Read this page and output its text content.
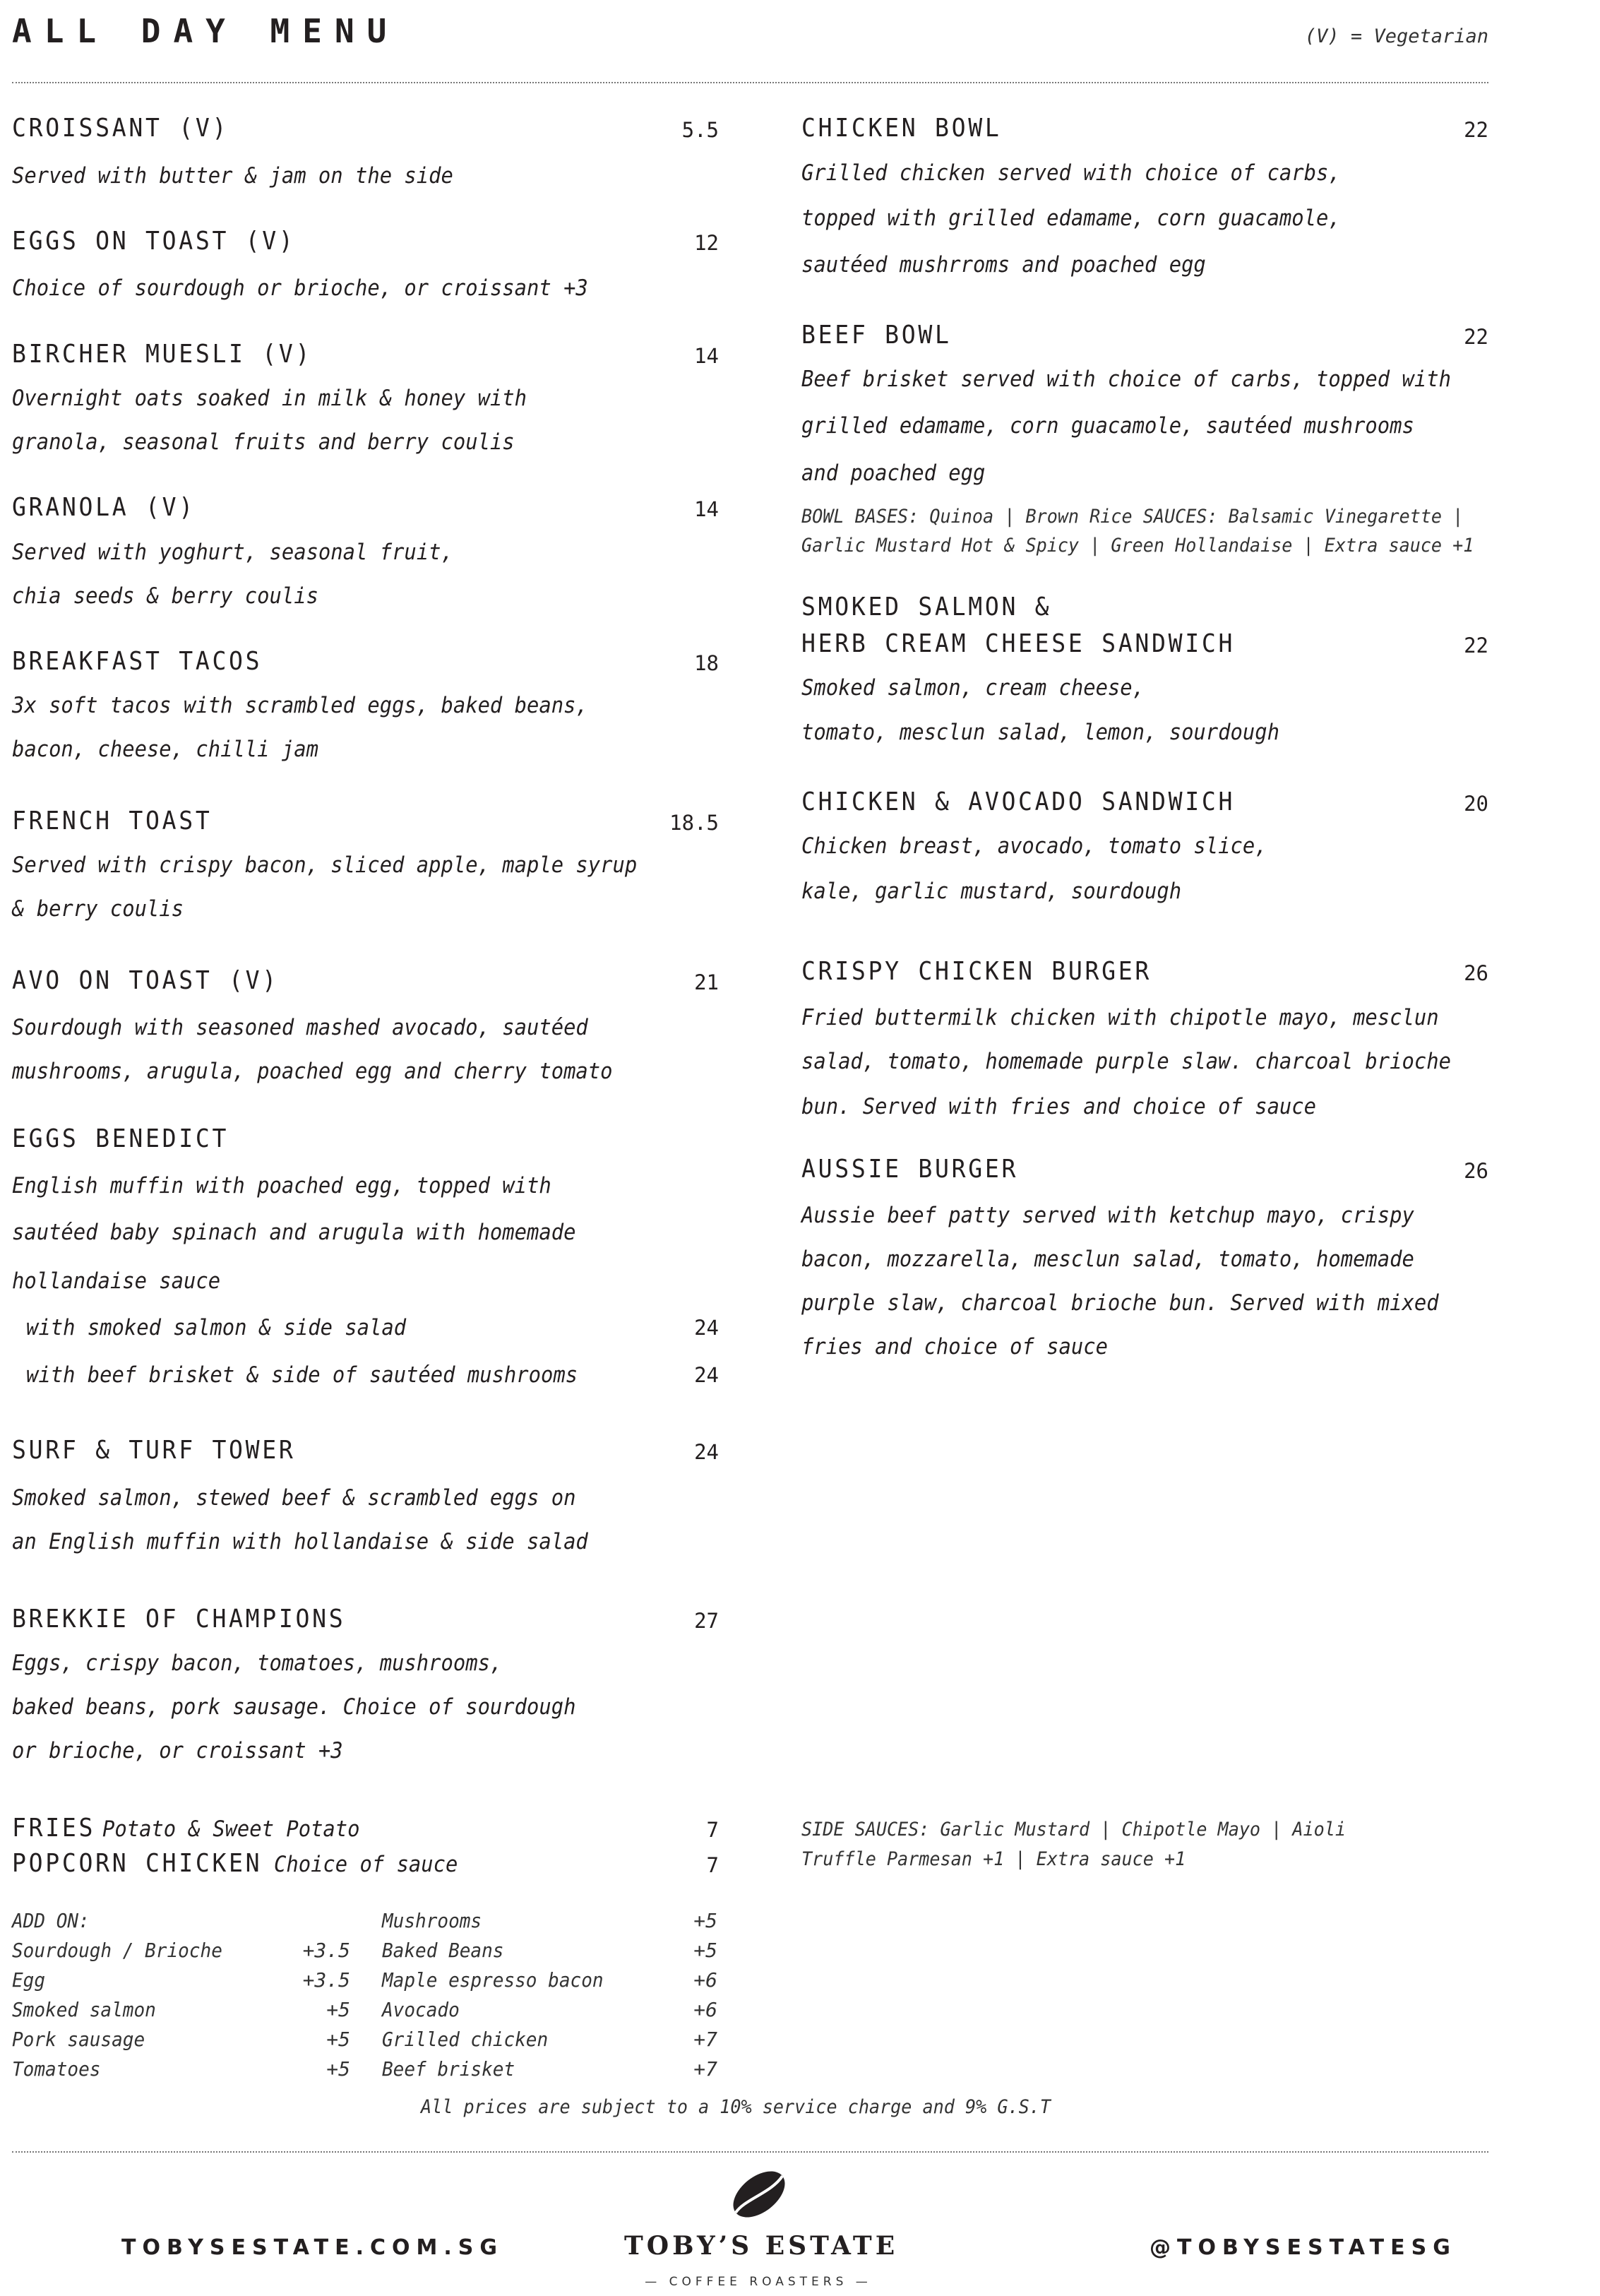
ALL DAY MENU	(V) = Vegetarian
CROISSANT (V)	5.5
Served with butter & jam on the side
EGGS ON TOAST (V)	12
Choice of sourdough or brioche, or croissant +3
BIRCHER MUESLI (V)	14
Overnight oats soaked in milk & honey with
granola, seasonal fruits and berry coulis
GRANOLA (V)	14
Served with yoghurt, seasonal fruit,
chia seeds & berry coulis
BREAKFAST TACOS	18
3x soft tacos with scrambled eggs, baked beans,
bacon, cheese, chilli jam
FRENCH TOAST	18.5
Served with crispy bacon, sliced apple, maple syrup
& berry coulis
AVO ON TOAST (V)	21
Sourdough with seasoned mashed avocado, sautéed
mushrooms, arugula, poached egg and cherry tomato
EGGS BENEDICT
English muffin with poached egg, topped with
sautéed baby spinach and arugula with homemade
hollandaise sauce
with smoked salmon & side salad	24
with beef brisket & side of sautéed mushrooms	24
SURF & TURF TOWER	24
Smoked salmon, stewed beef & scrambled eggs on
an English muffin with hollandaise & side salad
BREKKIE OF CHAMPIONS	27
Eggs, crispy bacon, tomatoes, mushrooms,
baked beans, pork sausage. Choice of sourdough
or brioche, or croissant +3
FRIES Potato & Sweet Potato	7
POPCORN CHICKEN Choice of sauce	7
ADD ON:
Sourdough / Brioche	+3.5
Egg	+3.5
Smoked salmon	+5
Pork sausage	+5
Tomatoes	+5
Mushrooms	+5
Baked Beans	+5
Maple espresso bacon	+6
Avocado	+6
Grilled chicken	+7
Beef brisket	+7
CHICKEN BOWL	22
Grilled chicken served with choice of carbs,
topped with grilled edamame, corn guacamole,
sautéed mushrroms and poached egg
BEEF BOWL	22
Beef brisket served with choice of carbs, topped with
grilled edamame, corn guacamole, sautéed mushrooms
and poached egg
BOWL BASES: Quinoa | Brown Rice SAUCES: Balsamic Vinegarette |
Garlic Mustard Hot & Spicy | Green Hollandaise | Extra sauce +1
SMOKED SALMON &
HERB CREAM CHEESE SANDWICH	22
Smoked salmon, cream cheese,
tomato, mesclun salad, lemon, sourdough
CHICKEN & AVOCADO SANDWICH	20
Chicken breast, avocado, tomato slice,
kale, garlic mustard, sourdough
CRISPY CHICKEN BURGER	26
Fried buttermilk chicken with chipotle mayo, mesclun
salad, tomato, homemade purple slaw. charcoal brioche
bun. Served with fries and choice of sauce
AUSSIE BURGER	26
Aussie beef patty served with ketchup mayo, crispy
bacon, mozzarella, mesclun salad, tomato, homemade
purple slaw, charcoal brioche bun. Served with mixed
fries and choice of sauce
SIDE SAUCES: Garlic Mustard | Chipotle Mayo | Aioli
Truffle Parmesan +1 | Extra sauce +1
All prices are subject to a 10% service charge and 9% G.S.T
TOBYSESTATE.COM.SG	TOBY’S ESTATE
— COFFEE ROASTERS —
@TOBYSESTATESG
